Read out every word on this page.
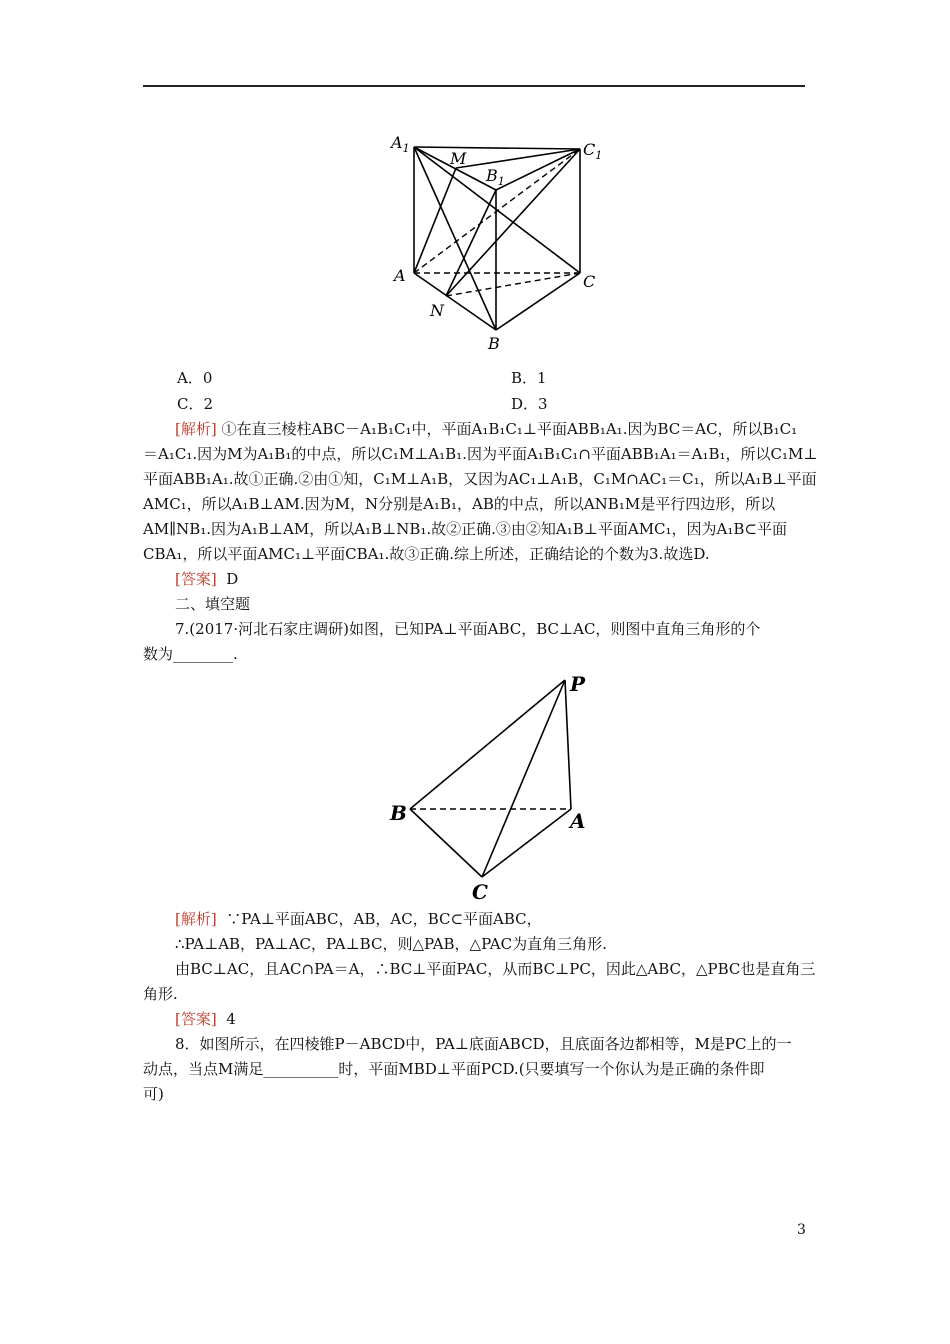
$A_1$
M
$B_1$
$C_1$
A	C
N
B
A．0	B．1
C．2	D．3
[解析] ①在直三棱柱ABC－A₁B₁C₁中，平面A₁B₁C₁⊥平面ABB₁A₁.因为BC＝AC，所以B₁C₁
＝A₁C₁.因为M为A₁B₁的中点，所以C₁M⊥A₁B₁.因为平面A₁B₁C₁∩平面ABB₁A₁＝A₁B₁，所以C₁M⊥
平面ABB₁A₁.故①正确.②由①知，C₁M⊥A₁B，又因为AC₁⊥A₁B，C₁M∩AC₁＝C₁，所以A₁B⊥平面
AMC₁，所以A₁B⊥AM.因为M，N分别是A₁B₁，AB的中点，所以ANB₁M是平行四边形，所以
AM∥NB₁.因为A₁B⊥AM，所以A₁B⊥NB₁.故②正确.③由②知A₁B⊥平面AMC₁，因为A₁B⊂平面
CBA₁，所以平面AMC₁⊥平面CBA₁.故③正确.综上所述，正确结论的个数为3.故选D.
[答案] D
二、填空题
7.(2017·河北石家庄调研)如图，已知PA⊥平面ABC，BC⊥AC，则图中直角三角形的个
数为________.
P
B	A
C
[解析] ∵PA⊥平面ABC，AB，AC，BC⊂平面ABC，
∴PA⊥AB，PA⊥AC，PA⊥BC，则△PAB，△PAC为直角三角形.
由BC⊥AC，且AC∩PA＝A，∴BC⊥平面PAC，从而BC⊥PC，因此△ABC，△PBC也是直角三
角形.
[答案] 4
8．如图所示，在四棱锥P－ABCD中，PA⊥底面ABCD，且底面各边都相等，M是PC上的一
动点，当点M满足__________时，平面MBD⊥平面PCD.(只要填写一个你认为是正确的条件即
可)
3
